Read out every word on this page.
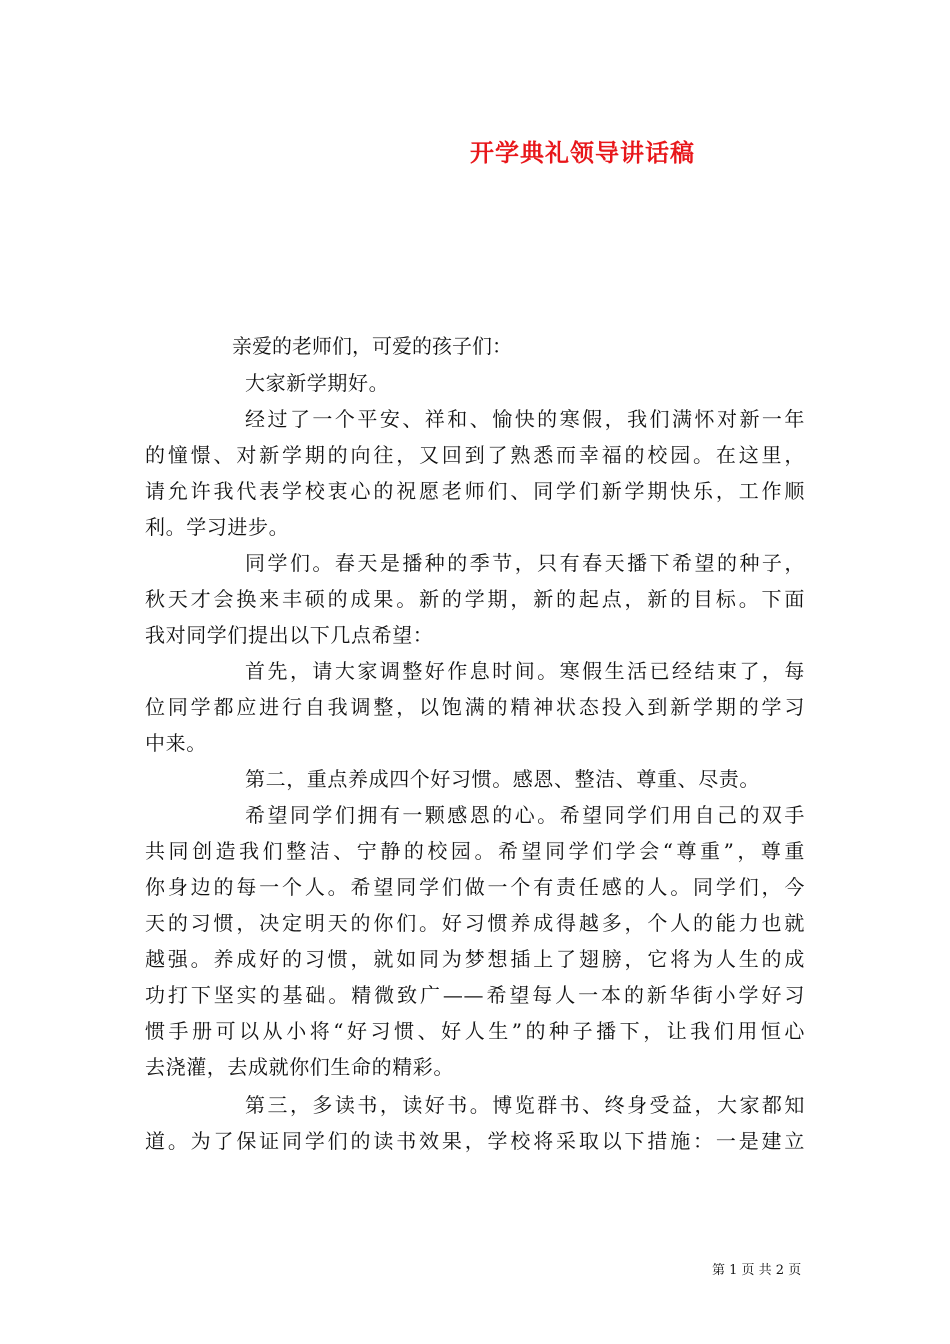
开学典礼领导讲话稿
亲爱的老师们，可爱的孩子们：
大家新学期好。
经过了一个平安、祥和、愉快的寒假，我们满怀对新一年
的憧憬、对新学期的向往，又回到了熟悉而幸福的校园。在这里，
请允许我代表学校衷心的祝愿老师们、同学们新学期快乐，工作顺
利。学习进步。
同学们。春天是播种的季节，只有春天播下希望的种子，
秋天才会换来丰硕的成果。新的学期，新的起点，新的目标。下面
我对同学们提出以下几点希望：
首先，请大家调整好作息时间。寒假生活已经结束了，每
位同学都应进行自我调整，以饱满的精神状态投入到新学期的学习
中来。
第二，重点养成四个好习惯。感恩、整洁、尊重、尽责。
希望同学们拥有一颗感恩的心。希望同学们用自己的双手
共同创造我们整洁、宁静的校园。希望同学们学会“尊重”，尊重
你身边的每一个人。希望同学们做一个有责任感的人。同学们，今
天的习惯，决定明天的你们。好习惯养成得越多，个人的能力也就
越强。养成好的习惯，就如同为梦想插上了翅膀，它将为人生的成
功打下坚实的基础。精微致广——希望每人一本的新华街小学好习
惯手册可以从小将“好习惯、好人生”的种子播下，让我们用恒心
去浇灌，去成就你们生命的精彩。
第三，多读书，读好书。博览群书、终身受益，大家都知
道。为了保证同学们的读书效果，学校将采取以下措施：一是建立
第 1 页 共 2 页
